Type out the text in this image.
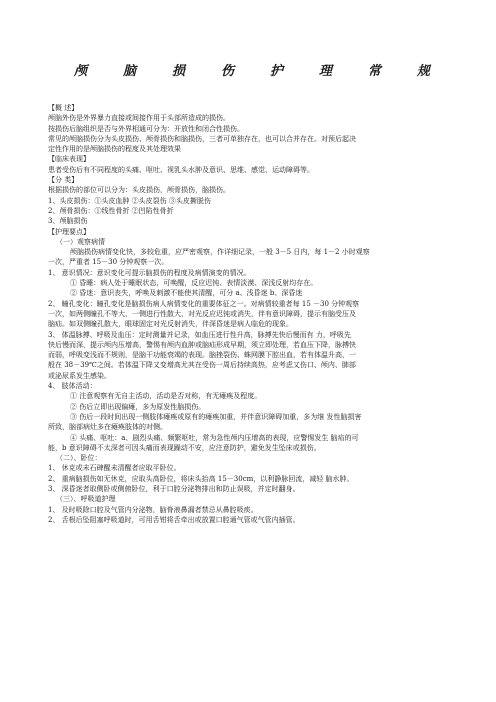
颅	脑	损	伤	护	理	常	规

【概 述】

颅脑外伤是外界暴力直接或间接作用于头部所造成的损伤。

按损伤后脑组织是否与外界相通可分为：开放性和闭合性损伤。

常见的颅脑损伤分为头皮损伤、颅骨损伤和脑损伤，三者可单独存在，也可以合并存在。对预后起决

定性作用的是颅脑损伤的程度及其处理效果

【临床表现】

患者受伤后有不同程度的头痛、呕吐、视乳头水肿及意识、思维、感觉、运动障碍等。

【分 类】

根据损伤的部位可以分为：头皮损伤，颅骨损伤，脑损伤。

1、头皮损伤：①头皮血肿 ②头皮裂伤 ③头皮撕脱伤

2、颅骨损伤：①线性骨折 ②凹陷性骨折

3、颅脑损伤

【护理要点】

（一）观察病情

颅脑损伤病情变化快，多较危重，应严密观察，作详细记录，一般 3－5 日内，每 1－2 小时观察

一次，严重者 15－30 分钟观察一次。

1、 意识情况：意识变化可提示脑损伤的程度及病情演变的情况。

① 昏睡：病人处于睡眠状态，可唤醒，反应迟钝、表情淡漠、深浅反射均存在。

② 昏迷：意识丧失，呼唤及刺激不能使其清醒，可分 a、浅昏迷 b、深昏迷

2、 瞳孔变化：瞳孔变化是脑损伤病人病情变化的重要体征之一。对病情较重者每 15 －30 分钟观察

一次，如两侧瞳孔不等大，一侧进行性散大，对光反应迟钝或消失，伴有意识障碍，提示有脑受压及

脑疝。如双侧瞳孔散大，眼球固定对光反射消失，伴深昏迷是病人临危的现象。

3、 体温脉搏、呼吸及血压：定时测量并记录，如血压进行性升高，脉搏先快后慢而有 力，呼吸先

快后慢而深，提示颅内压增高，警惕有颅内血肿或脑疝形成早期，须立即处理，若血压下降，脉搏快

而弱，呼吸变浅而不规则，是脑干功能衰竭的表现。脑挫裂伤、蛛网膜下腔出血，若有体温升高，一

般在 38－39℃之间。若体温下降又变增高尤其在受伤一周后持续高热，应考虑又伤口、颅内、肺部

或泌尿系发生感染。

4、 肢体活动：

① 注意观察有无自主活动，活动是否对称，有无瘫痪及程度。

② 伤后立即出现偏瘫，多为原发性脑损伤。

③ 伤后一段时间出现一侧肢体瘫痪或原有的瘫痪加重，并伴意识障碍加重，多为继 发性脑损害

所致，脑部病灶多在瘫痪肢体的对侧。

④ 头痛、呕吐：a、剧烈头痛、频繁呕吐，常为急性颅内压增高的表现，应警惕发生 脑疝的可

能，b 意识障碍不太深者可因头痛而表现躁动不安，应注意防护，避免发生坠床或损伤。

（二）、卧位：

1、 休克或未石碑醒未清醒者应取平卧位。

2、 重病脑损伤如无休克，应取头高卧位，将床头抬高 15－30cm，以利静脉回流，减轻 脑水肿。

3、 深昏迷者取侧卧或侧俯卧位，利于口腔分泌物排出和防止误吸，并定时翻身。

（三）、呼吸道护理

1、 及时吸除口腔及气管内分泌物，脑脊液鼻漏者禁忌从鼻腔吸痰。

2、 舌根后坠阻塞呼吸道时，可用舌钳将舌牵出或放置口腔通气管或气管内插管。
